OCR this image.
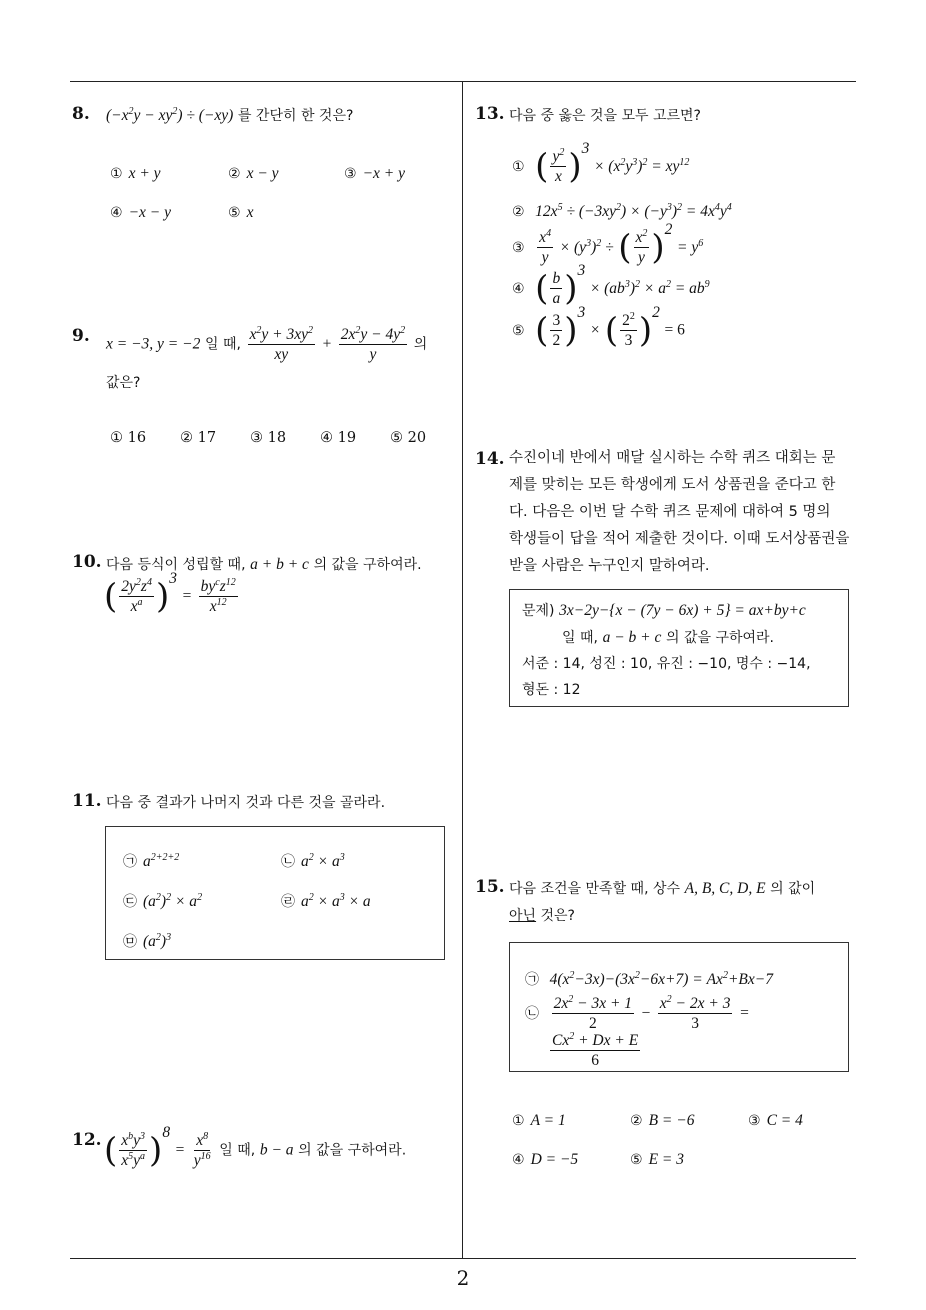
8. $(-x^2y - xy^2) \div (-xy)$ 를 간단히 한 것은?
① x + y	② x − y	③ −x + y
④ −x − y	⑤ x
9. x = −3, y = −2 일 때, $\frac{x^2y + 3xy^2}{xy} + \frac{2x^2y - 4y^2}{y}$ 의
값은?
① 16 ② 17 ③ 18 ④ 19 ⑤ 20
10. 다음 등식이 성립할 때, a + b + c 의 값을 구하여라.
( $\frac{2y^2z^4}{x^a} )^3 = \frac{by^cz^{12}}{x^{12}}$
11. 다음 중 결과가 나머지 것과 다른 것을 골라라.
㉠ $a^{2+2+2}$	㉡ $a^2 \times a^3$
㉢ $(a^2)^2 \times a^2$	㉣ $a^2 \times a^3 \times a$
㉤ $(a^2)^3$
12. ( $\frac{x^by^3}{x^5y^a} )^8 = \frac{x^8}{y^{16}}$ 일 때, b − a 의 값을 구하여라.
13. 다음 중 옳은 것을 모두 고르면?
① ( $\frac{y^2}{x} )^3 \times (x^2y^3)^2 = xy^{12}$
② $12x^5 \div (-3xy^2) \times (-y^3)^2 = 4x^4y^4$
③ $\frac{x^4}{y} \times (y^3)^2$ ÷ ( $\frac{x^2}{y} )^2 = y^6$
④ ( $\frac{b}{a} )^3 \times (ab^3)^2 \times a^2 = ab^9$
⑤ ( $\frac{3}{2} )^3$ × ( $\frac{2^2}{3} )^2 = 6$
14. 수진이네 반에서 매달 실시하는 수학 퀴즈 대회는 문
제를 맞히는 모든 학생에게 도서 상품권을 준다고 한
다. 다음은 이번 달 수학 퀴즈 문제에 대하여 5 명의
학생들이 답을 적어 제출한 것이다. 이때 도서상품권을
받을 사람은 누구인지 말하여라.
문제) 3x−2y−{x − (7y − 6x) + 5} = ax+by+c
일 때, a − b + c 의 값을 구하여라.
서준 : 14, 성진 : 10, 유진 : −10, 명수 : −14,
형돈 : 12
15. 다음 조건을 만족할 때, 상수 A, B, C, D, E 의 값이
아닌 것은?
㉠ $4(x^2-3x)-(3x^2-6x+7) = Ax^2+Bx-7$
㉡ $\frac{2x^2 - 3x + 1}{2} - \frac{x^2 - 2x + 3}{3}$ =
$\frac{Cx^2 + Dx + E}{6}$
① A = 1	② B = −6	③ C = 4
④ D = −5	⑤ E = 3
2
